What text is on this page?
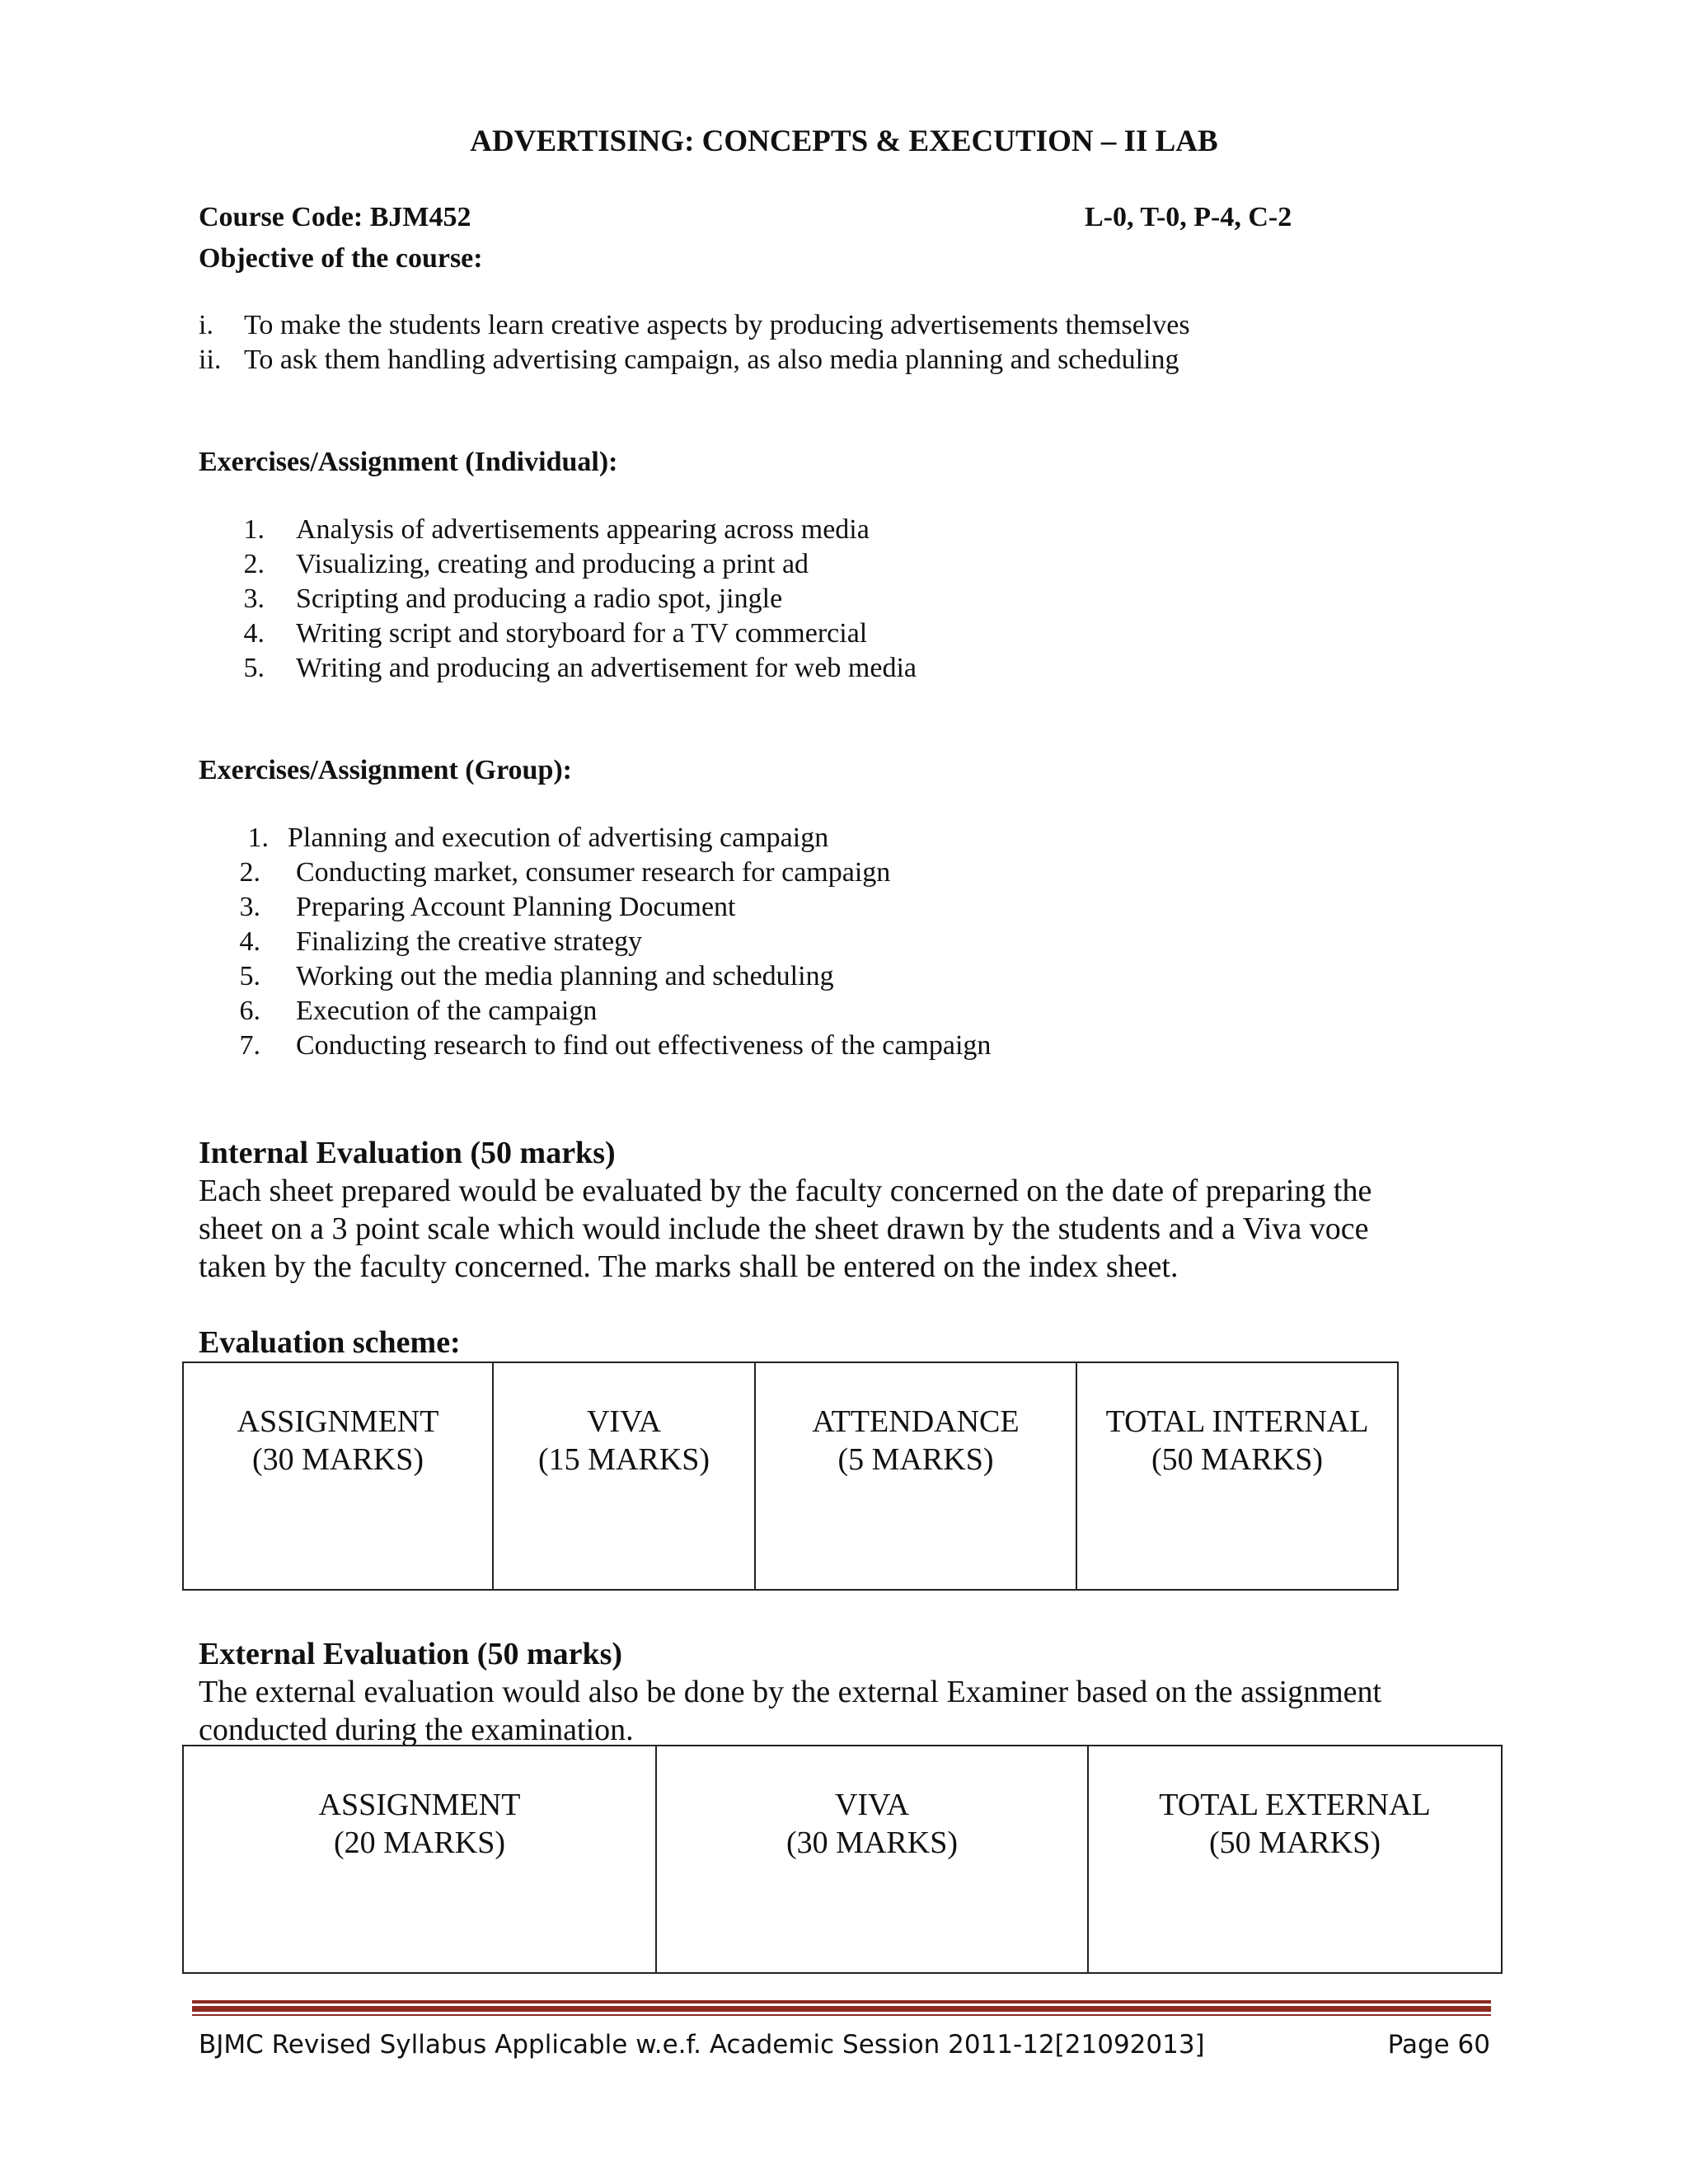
ADVERTISING: CONCEPTS & EXECUTION – II LAB
Course Code: BJM452	L-0, T-0, P-4, C-2
Objective of the course:
i.	To make the students learn creative aspects by producing advertisements themselves
ii. To ask them handling advertising campaign, as also media planning and scheduling
Exercises/Assignment (Individual):
1. Analysis of advertisements appearing across media
2. Visualizing, creating and producing a print ad
3. Scripting and producing a radio spot, jingle
4. Writing script and storyboard for a TV commercial
5. Writing and producing an advertisement for web media
Exercises/Assignment (Group):
1. Planning and execution of advertising campaign
2. Conducting market, consumer research for campaign
3. Preparing Account Planning Document
4. Finalizing the creative strategy
5. Working out the media planning and scheduling
6. Execution of the campaign
7. Conducting research to find out effectiveness of the campaign
Internal Evaluation (50 marks)
Each sheet prepared would be evaluated by the faculty concerned on the date of preparing the
sheet on a 3 point scale which would include the sheet drawn by the students and a Viva voce
taken by the faculty concerned. The marks shall be entered on the index sheet.
Evaluation scheme:
ASSIGNMENT
(30 MARKS)

VIVA
(15 MARKS)

ATTENDANCE
(5 MARKS)

TOTAL INTERNAL
(50 MARKS)
External Evaluation (50 marks)
The external evaluation would also be done by the external Examiner based on the assignment
conducted during the examination.
ASSIGNMENT
(20 MARKS)

VIVA
(30 MARKS)

TOTAL EXTERNAL
(50 MARKS)
BJMC Revised Syllabus Applicable w.e.f. Academic Session 2011-12[21092013]	Page 60
